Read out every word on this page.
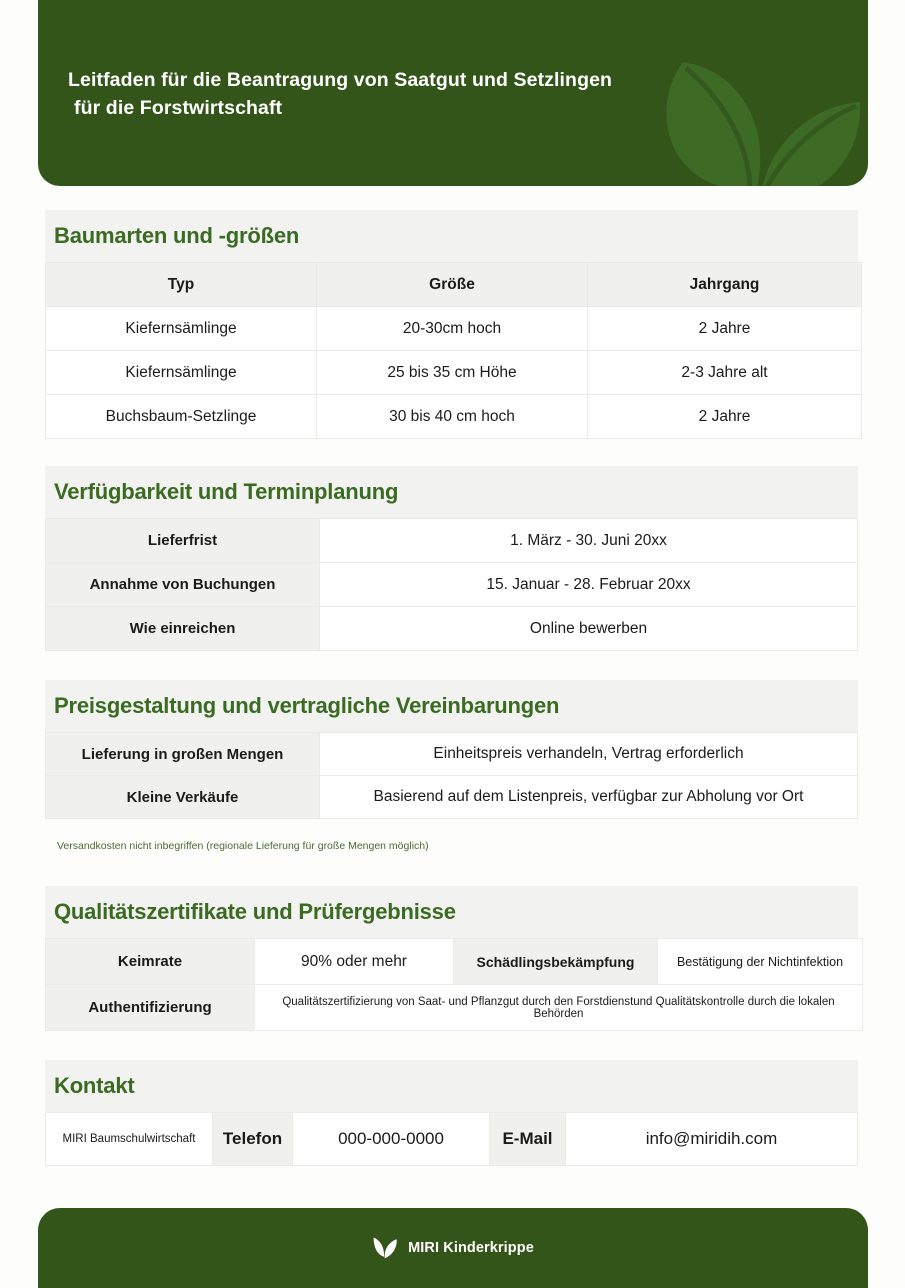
Leitfaden für die Beantragung von Saatgut und Setzlingen
für die Forstwirtschaft
Baumarten und -größen
Typ	Größe	Jahrgang

Kiefernsämlinge	20-30cm hoch	2 Jahre

Kiefernsämlinge	25 bis 35 cm Höhe	2-3 Jahre alt

Buchsbaum-Setzlinge	30 bis 40 cm hoch	2 Jahre
Verfügbarkeit und Terminplanung
Lieferfrist	1. März - 30. Juni 20xx

Annahme von Buchungen	15. Januar - 28. Februar 20xx

Wie einreichen	Online bewerben
Preisgestaltung und vertragliche Vereinbarungen
Lieferung in großen Mengen	Einheitspreis verhandeln, Vertrag erforderlich

Kleine Verkäufe	Basierend auf dem Listenpreis, verfügbar zur Abholung vor Ort
Versandkosten nicht inbegriffen (regionale Lieferung für große Mengen möglich)
Qualitätszertifikate und Prüfergebnisse
Keimrate	90% oder mehr	Schädlingsbekämpfung	Bestätigung der Nichtinfektion

Authentifizierung	Qualitätszertifizierung von Saat- und Pflanzgut durch den Forstdienstund Qualitätskontrolle durch die lokalen Behörden		
Kontakt
MIRI Baumschulwirtschaft	Telefon	000-000-0000	E-Mail	info@miridih.com
MIRI Kinderkrippe
